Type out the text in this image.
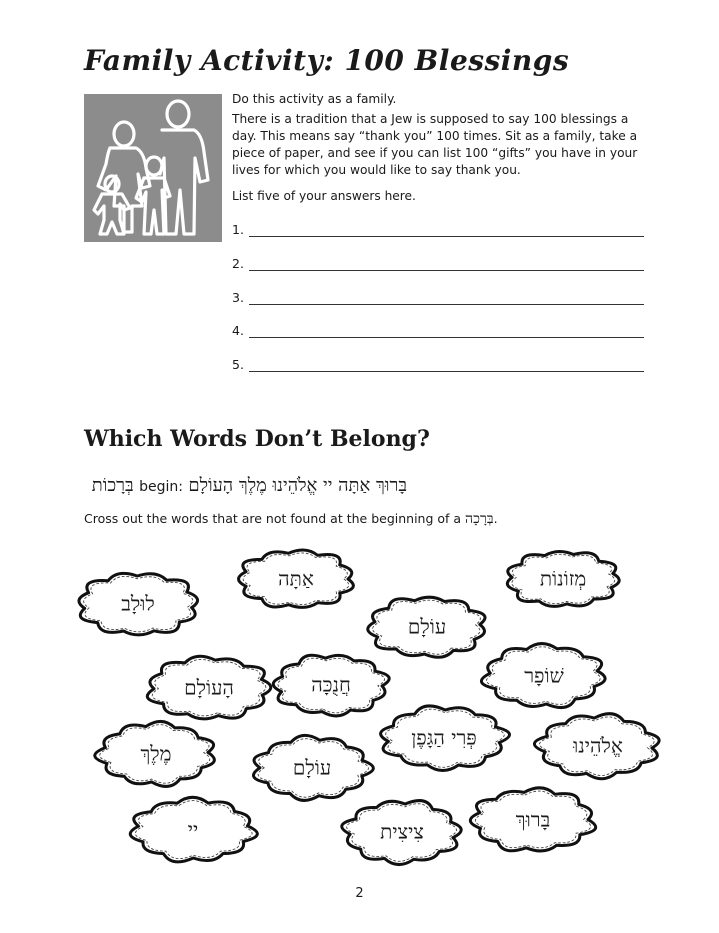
Family Activity: 100 Blessings
Do this activity as a family.
There is a tradition that a Jew is supposed to say 100 blessings a day. This means say “thank you” 100 times. Sit as a family, take a piece of paper, and see if you can list 100 “gifts” you have in your lives for which you would like to say thank you.
List five of your answers here.
1.
2.
3.
4.
5.
Which Words Don’t Belong?
בְּרָכוֹת begin: בָּרוּךְ אַתָּה יי אֱלֹהֵינוּ מֶלֶךְ הָעוֹלָם
Cross out the words that are not found at the beginning of a בְּרָכָה.
אַתָּה	מְזוֹנוֹת
לוּלָב
עוֹלָם
הָעוֹלָם	חֲנֻכָּה	שׁוֹפָר
פְּרִי הַגָּפֶן
מֶלֶךְ
עוֹלָם
אֱלֹהֵינוּ
יי	צִיצִית	בָּרוּךְ
2
